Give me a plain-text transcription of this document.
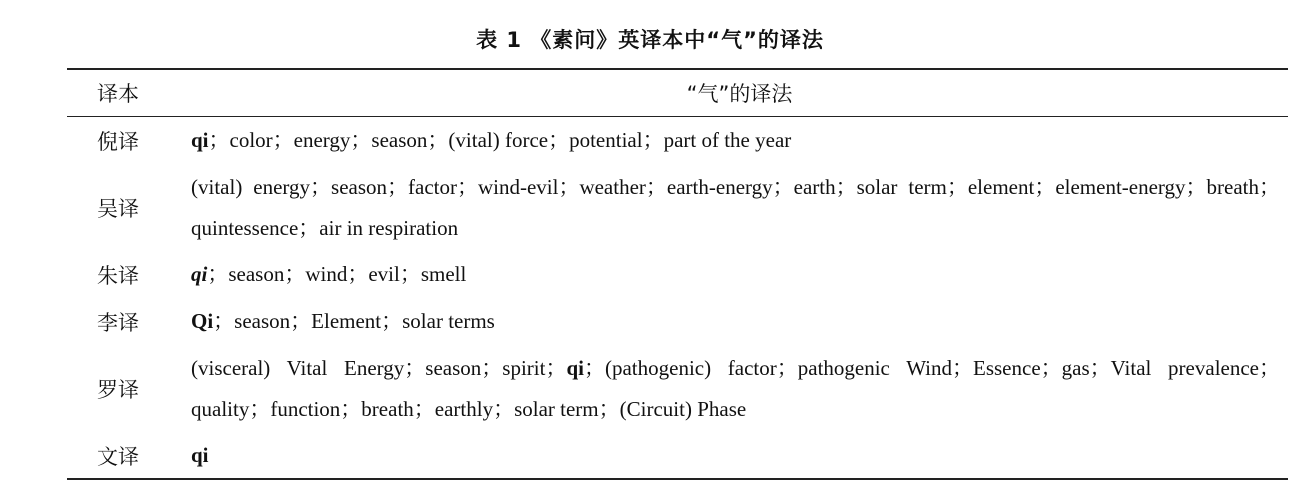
表 1 《素问》英译本中“气”的译法
译本	“气”的译法
倪译 qi；color；energy；season；(vital) force；potential；part of the year
吴译
(vital) energy；season；factor；wind-evil；weather；earth-energy；earth；solar term；element；element-energy；breath；quintessence；air in respiration
朱译 qi；season；wind；evil；smell
李译 Qi；season；Element；solar terms
罗译
(visceral) Vital Energy；season；spirit；qi；(pathogenic) factor；pathogenic Wind；Essence；gas；Vital prevalence；quality；function；breath；earthly；solar term；(Circuit) Phase
文译 qi
